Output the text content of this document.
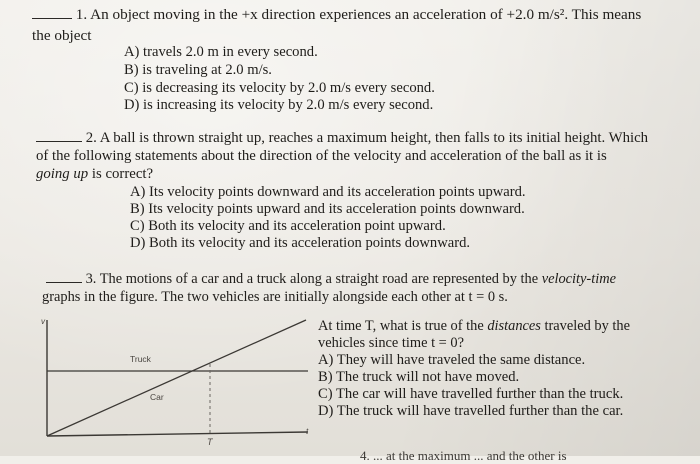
1. An object moving in the +x direction experiences an acceleration of +2.0 m/s². This means
the object
A) travels 2.0 m in every second.
B) is traveling at 2.0 m/s.
C) is decreasing its velocity by 2.0 m/s every second.
D) is increasing its velocity by 2.0 m/s every second.
2. A ball is thrown straight up, reaches a maximum height, then falls to its initial height. Which
of the following statements about the direction of the velocity and acceleration of the ball as it is
going up is correct?
A) Its velocity points downward and its acceleration points upward.
B) Its velocity points upward and its acceleration points downward.
C) Both its velocity and its acceleration point upward.
D) Both its velocity and its acceleration points downward.
3. The motions of a car and a truck along a straight road are represented by the velocity-time
graphs in the figure. The two vehicles are initially alongside each other at t = 0 s.
Truck
Car
T
v
t
At time T, what is true of the distances traveled by the
vehicles since time t = 0?
A) They will have traveled the same distance.
B) The truck will not have moved.
C) The car will have travelled further than the truck.
D) The truck will have travelled further than the car.
4. ... at the maximum ... and the other is
